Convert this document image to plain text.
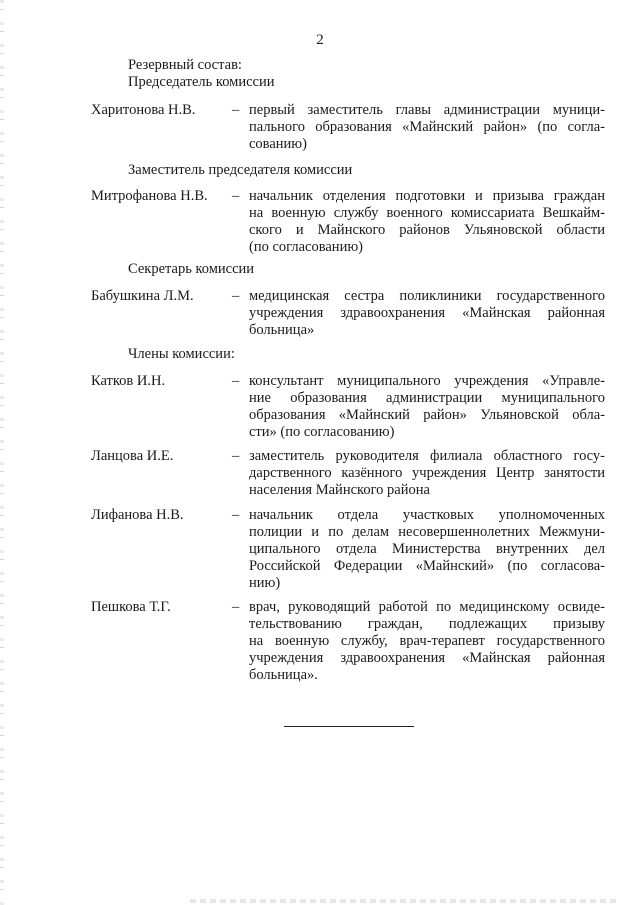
2
Резервный состав:
Председатель комиссии
Харитонова Н.В.	– первый заместитель главы администрации муници-
пального образования «Майнский район» (по согла-
сованию)
Заместитель председателя комиссии
Митрофанова Н.В. – начальник отделения подготовки и призыва граждан
на военную службу военного комиссариата Вешкайм-
ского и Майнского районов Ульяновской области
(по согласованию)
Секретарь комиссии
Бабушкина Л.М.	– медицинская сестра поликлиники государственного
учреждения здравоохранения «Майнская районная
больница»
Члены комиссии:
Катков И.Н.	– консультант муниципального учреждения «Управле-
ние образования администрации муниципального
образования «Майнский район» Ульяновской обла-
сти» (по согласованию)
Ланцова И.Е.	– заместитель руководителя филиала областного госу-
дарственного казённого учреждения Центр занятости
населения Майнского района
Лифанова Н.В.	– начальник отдела участковых уполномоченных
полиции и по делам несовершеннолетних Межмуни-
ципального отдела Министерства внутренних дел
Российской Федерации «Майнский» (по согласова-
нию)
Пешкова Т.Г.	– врач, руководящий работой по медицинскому освиде-
тельствованию граждан, подлежащих призыву
на военную службу, врач-терапевт государственного
учреждения здравоохранения «Майнская районная
больница».
